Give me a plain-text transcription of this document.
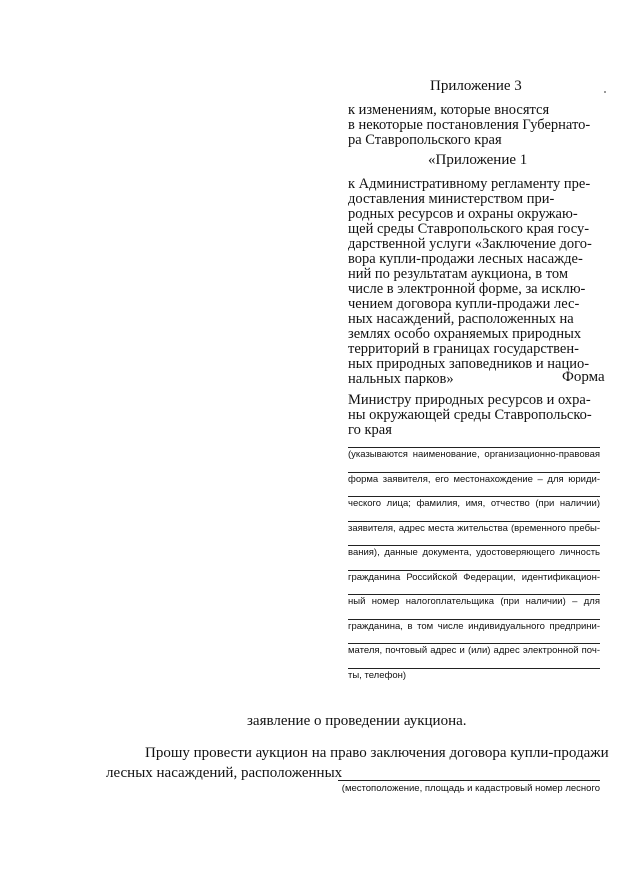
Приложение 3
к изменениям, которые вносятся
в некоторые постановления Губернато-
ра Ставропольского края
«Приложение 1
к Административному регламенту пре-
доставления министерством при-
родных ресурсов и охраны окружаю-
щей среды Ставропольского края госу-
дарственной услуги «Заключение дого-
вора купли-продажи лесных насажде-
ний по результатам аукциона, в том
числе в электронной форме, за исклю-
чением договора купли-продажи лес-
ных насаждений, расположенных на
землях особо охраняемых природных
территорий в границах государствен-
ных природных заповедников и нацио-
нальных парков»	Форма
Министру природных ресурсов и охра-
ны окружающей среды Ставропольско-
го края
(указываются наименование, организационно-правовая
форма заявителя, его местонахождение – для юриди-
ческого лица; фамилия, имя, отчество (при наличии)
заявителя, адрес места жительства (временного пребы-
вания), данные документа, удостоверяющего личность
гражданина Российской Федерации, идентификацион-
ный номер налогоплательщика (при наличии) – для
гражданина, в том числе индивидуального предприни-
мателя, почтовый адрес и (или) адрес электронной поч-
ты, телефон)
заявление о проведении аукциона.
Прошу провести аукцион на право заключения договора купли-продажи
лесных насаждений, расположенных
(местоположение, площадь и кадастровый номер лесного
